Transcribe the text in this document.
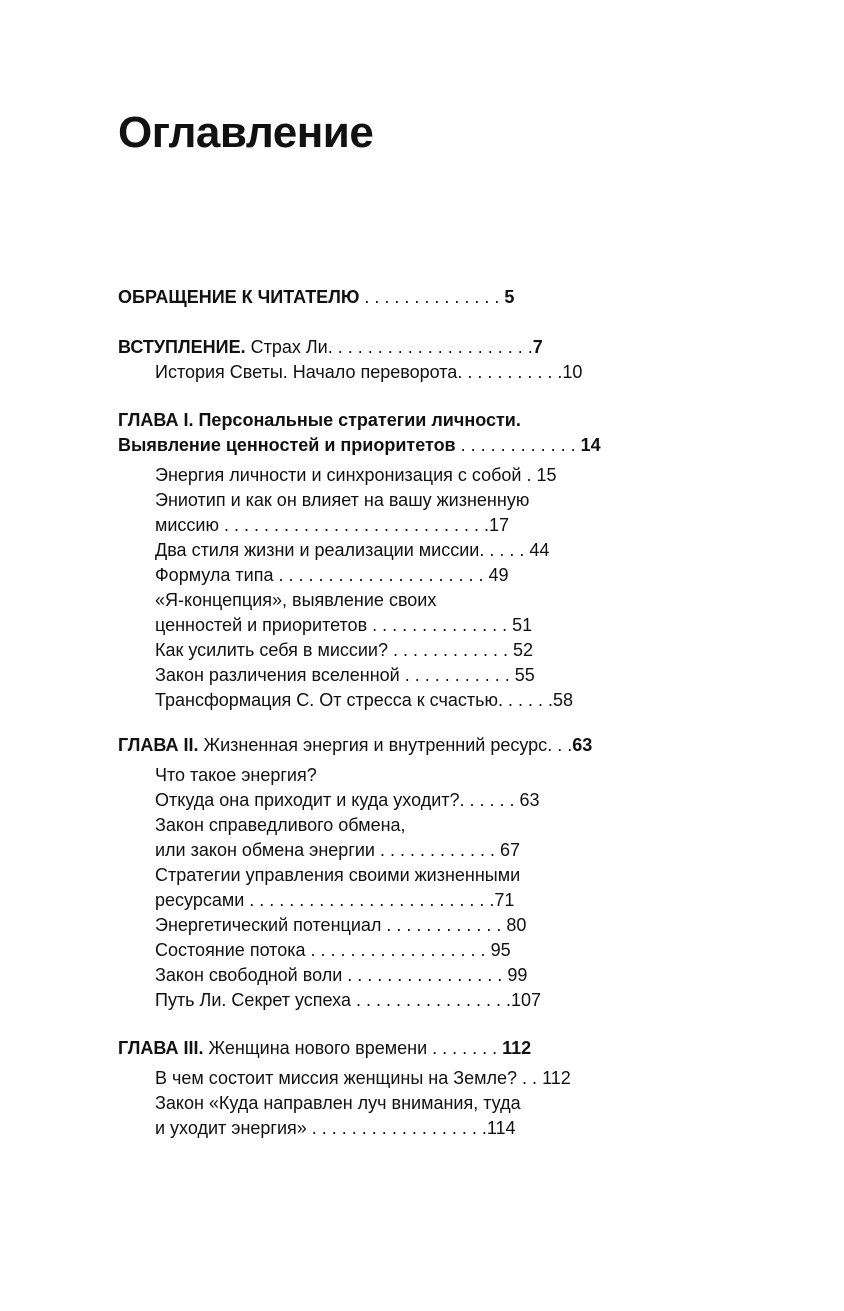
Оглавление
ОБРАЩЕНИЕ К ЧИТАТЕЛЮ . . . . . . . . . . . . . . 5
ВСТУПЛЕНИЕ. Страх Ли. . . . . . . . . . . . . . . . . . . . .7
История Светы. Начало переворота. . . . . . . . . . .10
ГЛАВА I. Персональные стратегии личности.
Выявление ценностей и приоритетов . . . . . . . . . . . . 14
Энергия личности и синхронизация с собой . 15
Эниотип и как он влияет на вашу жизненную
миссию . . . . . . . . . . . . . . . . . . . . . . . . . . .17
Два стиля жизни и реализации миссии. . . . . 44
Формула типа . . . . . . . . . . . . . . . . . . . . . 49
«Я-концепция», выявление своих
ценностей и приоритетов . . . . . . . . . . . . . . 51
Как усилить себя в миссии? . . . . . . . . . . . . 52
Закон различения вселенной . . . . . . . . . . . 55
Трансформация С. От стресса к счастью. . . . . .58
ГЛАВА II. Жизненная энергия и внутренний ресурс. . .63
Что такое энергия?
Откуда она приходит и куда уходит?. . . . . . 63
Закон справедливого обмена,
или закон обмена энергии . . . . . . . . . . . . 67
Стратегии управления своими жизненными
ресурсами . . . . . . . . . . . . . . . . . . . . . . . . .71
Энергетический потенциал . . . . . . . . . . . . 80
Состояние потока . . . . . . . . . . . . . . . . . . 95
Закон свободной воли . . . . . . . . . . . . . . . . 99
Путь Ли. Секрет успеха . . . . . . . . . . . . . . . .107
ГЛАВА III. Женщина нового времени . . . . . . . 112
В чем состоит миссия женщины на Земле? . . 112
Закон «Куда направлен луч внимания, туда
и уходит энергия» . . . . . . . . . . . . . . . . . .114
